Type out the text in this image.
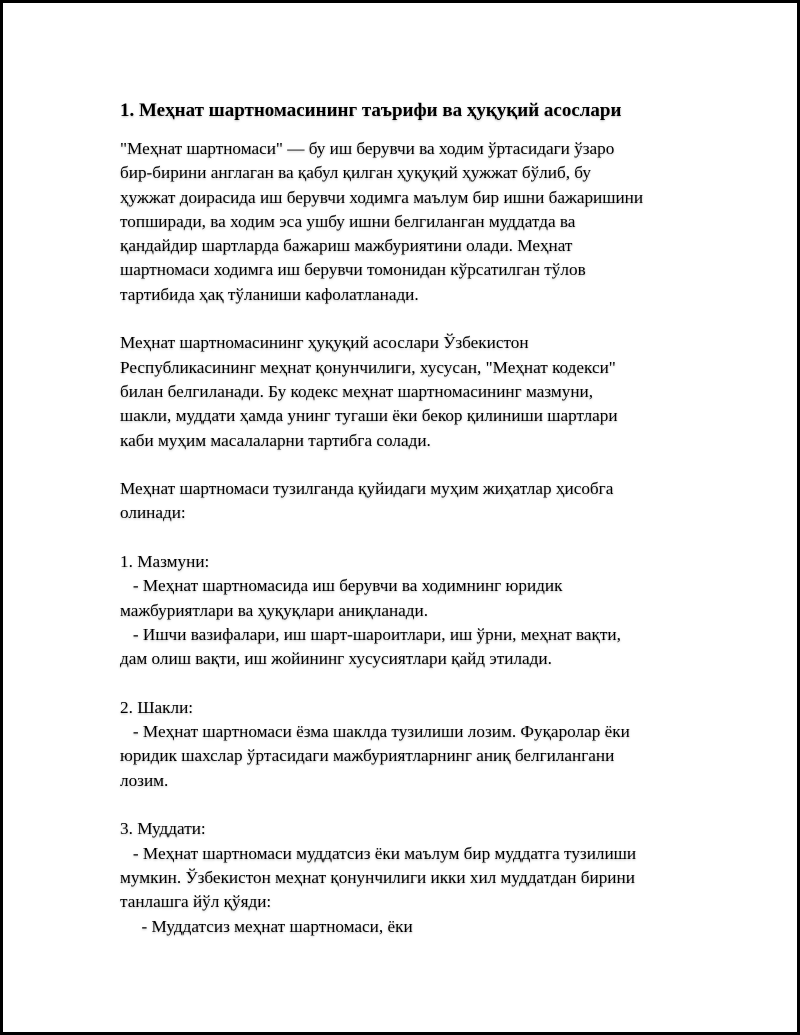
1. Меҳнат шартномасининг таърифи ва ҳуқуқий асослари
"Меҳнат шартномаси" — бу иш берувчи ва ходим ўртасидаги ўзаро
бир-бирини англаган ва қабул қилган ҳуқуқий ҳужжат бўлиб, бу
ҳужжат доирасида иш берувчи ходимга маълум бир ишни бажаришини
топширади, ва ходим эса ушбу ишни белгиланган муддатда ва
қандайдир шартларда бажариш мажбуриятини олади. Меҳнат
шартномаси ходимга иш берувчи томонидан кўрсатилган тўлов
тартибида ҳақ тўланиши кафолатланади.
Меҳнат шартномасининг ҳуқуқий асослари Ўзбекистон
Республикасининг меҳнат қонунчилиги, хусусан, "Меҳнат кодекси"
билан белгиланади. Бу кодекс меҳнат шартномасининг мазмуни,
шакли, муддати ҳамда унинг тугаши ёки бекор қилиниши шартлари
каби муҳим масалаларни тартибга солади.
Меҳнат шартномаси тузилганда қуйидаги муҳим жиҳатлар ҳисобга
олинади:
1. Мазмуни:
- Меҳнат шартномасида иш берувчи ва ходимнинг юридик
мажбуриятлари ва ҳуқуқлари аниқланади.
- Ишчи вазифалари, иш шарт-шароитлари, иш ўрни, меҳнат вақти,
дам олиш вақти, иш жойининг хусусиятлари қайд этилади.
2. Шакли:
- Меҳнат шартномаси ёзма шаклда тузилиши лозим. Фуқаролар ёки
юридик шахслар ўртасидаги мажбуриятларнинг аниқ белгилангани
лозим.
3. Муддати:
- Меҳнат шартномаси муддатсиз ёки маълум бир муддатга тузилиши
мумкин. Ўзбекистон меҳнат қонунчилиги икки хил муддатдан бирини
танлашга йўл қўяди:
- Муддатсиз меҳнат шартномаси, ёки
